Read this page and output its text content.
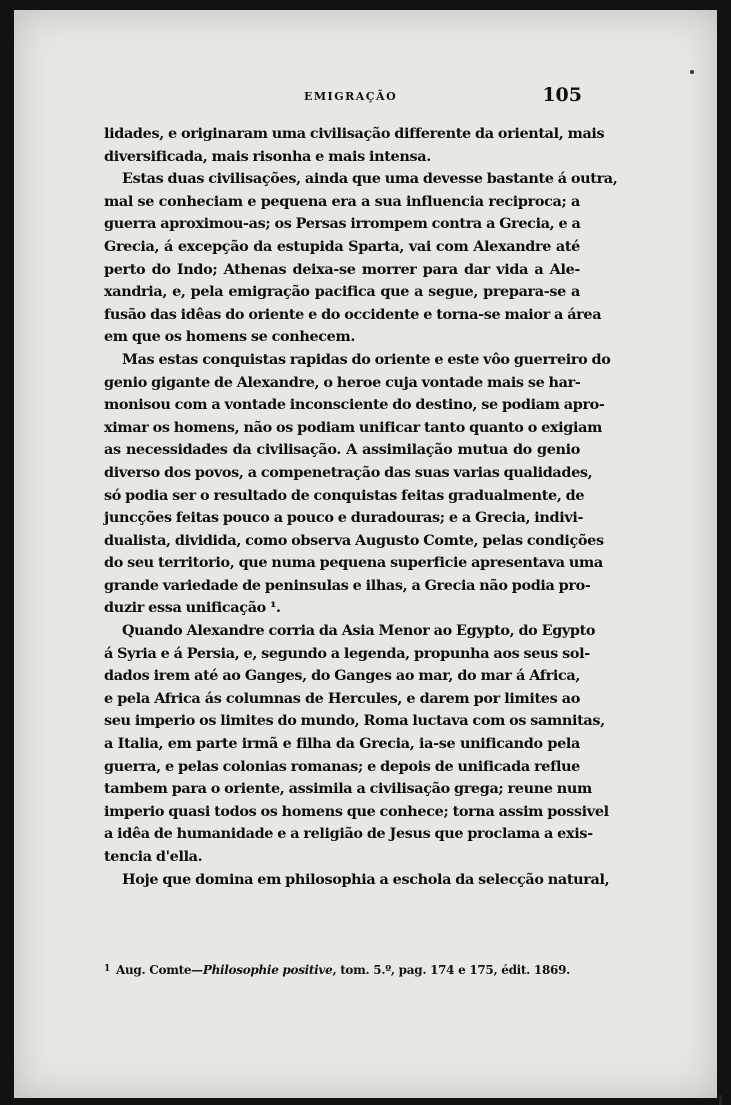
EMIGRAÇÃO	105
lidades, e originaram uma civilisação differente da oriental, mais
diversificada, mais risonha e mais intensa.
Estas duas civilisações, ainda que uma devesse bastante á outra,
mal se conheciam e pequena era a sua influencia reciproca; a
guerra aproximou-as; os Persas irrompem contra a Grecia, e a
Grecia, á excepção da estupida Sparta, vai com Alexandre até
perto do Indo; Athenas deixa-se morrer para dar vida a Ale-
xandria, e, pela emigração pacifica que a segue, prepara-se a
fusão das idêas do oriente e do occidente e torna-se maior a área
em que os homens se conhecem.
Mas estas conquistas rapidas do oriente e este vôo guerreiro do
genio gigante de Alexandre, o heroe cuja vontade mais se har-
monisou com a vontade inconsciente do destino, se podiam apro-
ximar os homens, não os podiam unificar tanto quanto o exigiam
as necessidades da civilisação. A assimilação mutua do genio
diverso dos povos, a compenetração das suas varias qualidades,
só podia ser o resultado de conquistas feitas gradualmente, de
juncções feitas pouco a pouco e duradouras; e a Grecia, indivi-
dualista, dividida, como observa Augusto Comte, pelas condições
do seu territorio, que numa pequena superficie apresentava uma
grande variedade de peninsulas e ilhas, a Grecia não podia pro-
duzir essa unificação ¹.
Quando Alexandre corria da Asia Menor ao Egypto, do Egypto
á Syria e á Persia, e, segundo a legenda, propunha aos seus sol-
dados irem até ao Ganges, do Ganges ao mar, do mar á Africa,
e pela Africa ás columnas de Hercules, e darem por limites ao
seu imperio os limites do mundo, Roma luctava com os samnitas,
a Italia, em parte irmã e filha da Grecia, ia-se unificando pela
guerra, e pelas colonias romanas; e depois de unificada reflue
tambem para o oriente, assimila a civilisação grega; reune num
imperio quasi todos os homens que conhece; torna assim possivel
a idêa de humanidade e a religião de Jesus que proclama a exis-
tencia d'ella.
Hoje que domina em philosophia a eschola da selecção natural,
$^1$ Aug. Comte—Philosophie positive, tom. 5.º, pag. 174 e 175, édit. 1869.
